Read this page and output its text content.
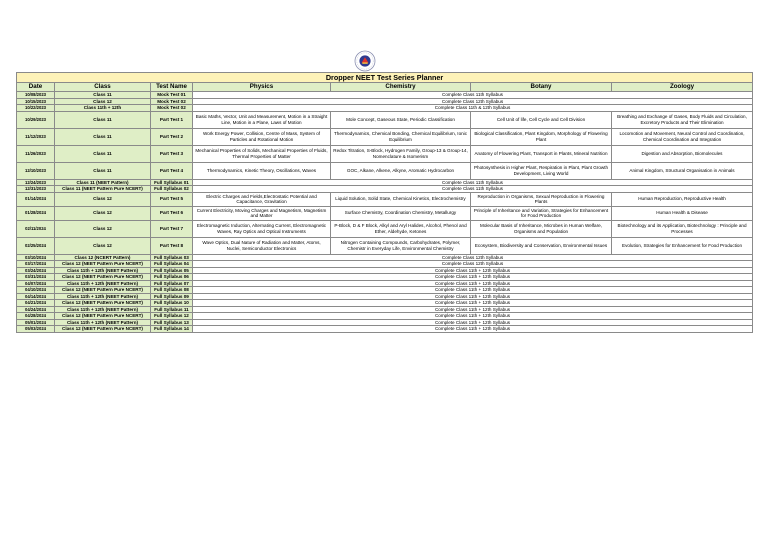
Dropper NEET Test Series Planner						
Date	Class	Test Name	Physics	Chemistry	Botany	Zoology
10/08/2023	Class 11	Mock Test 01	Complete Class 11th Syllabus			
10/15/2023	Class 12	Mock Test 02	Complete Class 12th Syllabus			
10/22/2023	Class 11th + 12th	Mock Test 02	Complete Class 11th & 12th Syllabus			
10/29/2023	Class 11	Part Test 1	Basic Maths, Vector, Unit and Measurement, Motion in a Straight Line, Motion in a Plane, Laws of Motion	Mole Concept, Gaseous State, Periodic Classification	Cell Unit of life, Cell Cycle and Cell Division	Breathing and Exchange of Gases, Body Fluids and Circulation, Excretory Products and Their Elimination
11/12/2023	Class 11	Part Test 2	Work Energy Power, Collision, Centre of Mass, System of Particles and Rotational Motion	Thermodynamics, Chemical Bonding, Chemical Equilibrium, Ionic Equilibrium	Biological Classification, Plant Kingdom, Morphology of Flowering Plant	Locomotion and Movement, Neural Control and Coordination, Chemical Coordination and Integration
11/26/2023	Class 11	Part Test 3	Mechanical Properties of Solids, Mechanical Properties of Fluids, Thermal Properties of Matter	Redox Titration, S-Block, Hydrogen Family, Group-13 & Group-14, Nomenclature & Isomerism	Anatomy of Flowering Plant, Transport in Plants, Mineral Nutrition	Digestion and Absorption, Biomolecules
12/10/2023	Class 11	Part Test 4	Thermodynamics, Kinetic Theory, Oscillations, Waves	GOC, Alkane, Alkene, Alkyne, Aromatic Hydrocarbon	Photosynthesis in Higher Plant, Respiration in Plant, Plant Growth Development, Living World	Animal Kingdom, Structural Organisation in Animals
12/24/2023	Class 11 (NEET Pattern)	Full Syllabus 01	Complete Class 11th Syllabus			
12/31/2023	Class 11 (NEET Pattern Pure NCERT)	Full Syllabus 02	Complete Class 11th Syllabus			
01/14/2024	Class 12	Part Test 5	Electric Charges and Fields,Electrostatic Potential and Capacitance, Gravitation	Liquid Solution, Solid State, Chemical Kinetics, Electrochemistry	Reproduction in Organisms, Sexual Reproduction in Flowering Plants	Human Reproduction, Reproductive Health
01/28/2024	Class 12	Part Test 6	Current Electricity, Moving Charges and Magnetism, Magnetism and Matter	Surface Chemistry, Coordination Chemistry, Metallurgy	Principle of Inheritance and Variation, Strategies for Enhancement for Food Production	Human Health & Disease
02/11/2024	Class 12	Part Test 7	Electromagnetic Induction, Alternating Current, Electromagnetic Waves, Ray Optics and Optical Instruments	P-Block, D & F Block, Alkyl and Aryl Halides, Alcohol, Phenol and Ether, Aldehyde, Ketones	Molecular Basis of Inheritance, Microbes in Human Welfare, Organisms and Population	Biotechnology and its Application, Biotechnology : Principle and Processes
02/25/2024	Class 12	Part Test 8	Wave Optics, Dual Nature of Radiation and Matter, Atoms, Nuclei, Semiconductor Electronics	Nitrogen Containing Compounds, Carbohydrates, Polymer, Chemistr in Everyday Life, Environmental Chemistry	Ecosystem, Biodiversity and Conservation, Environmental Issues	Evolution, Strategies for Enhancement for Food Production
03/10/2024	Class 12 (NCERT Pattern)	Full Syllabus 03	Complete Class 12th Syllabus			
03/17/2024	Class 12 (NEET Pattern Pure NCERT)	Full Syllabus 04	Complete Class 12th Syllabus			
03/24/2024	Class 11th + 12th (NEET Pattern)	Full Syllabus 05	Complete Class 11th + 12th Syllabus			
03/31/2024	Class 12 (NEET Pattern Pure NCERT)	Full Syllabus 06	Complete Class 11th + 12th Syllabus			
04/07/2024	Class 11th + 12th (NEET Pattern)	Full Syllabus 07	Complete Class 11th + 12th Syllabus			
04/10/2024	Class 12 (NEET Pattern Pure NCERT)	Full Syllabus 08	Complete Class 11th + 12th Syllabus			
04/14/2024	Class 11th + 12th (NEET Pattern)	Full Syllabus 09	Complete Class 11th + 12th Syllabus			
04/21/2024	Class 12 (NEET Pattern Pure NCERT)	Full Syllabus 10	Complete Class 11th + 12th Syllabus			
04/24/2024	Class 11th + 12th (NEET Pattern)	Full Syllabus 11	Complete Class 11th + 12th Syllabus			
04/28/2024	Class 12 (NEET Pattern Pure NCERT)	Full Syllabus 12	Complete Class 11th + 12th Syllabus			
05/01/2024	Class 11th + 12th (NEET Pattern)	Full Syllabus 13	Complete Class 11th + 12th Syllabus			
05/03/2024	Class 12 (NEET Pattern Pure NCERT)	Full Syllabus 14	Complete Class 11th + 12th Syllabus			
